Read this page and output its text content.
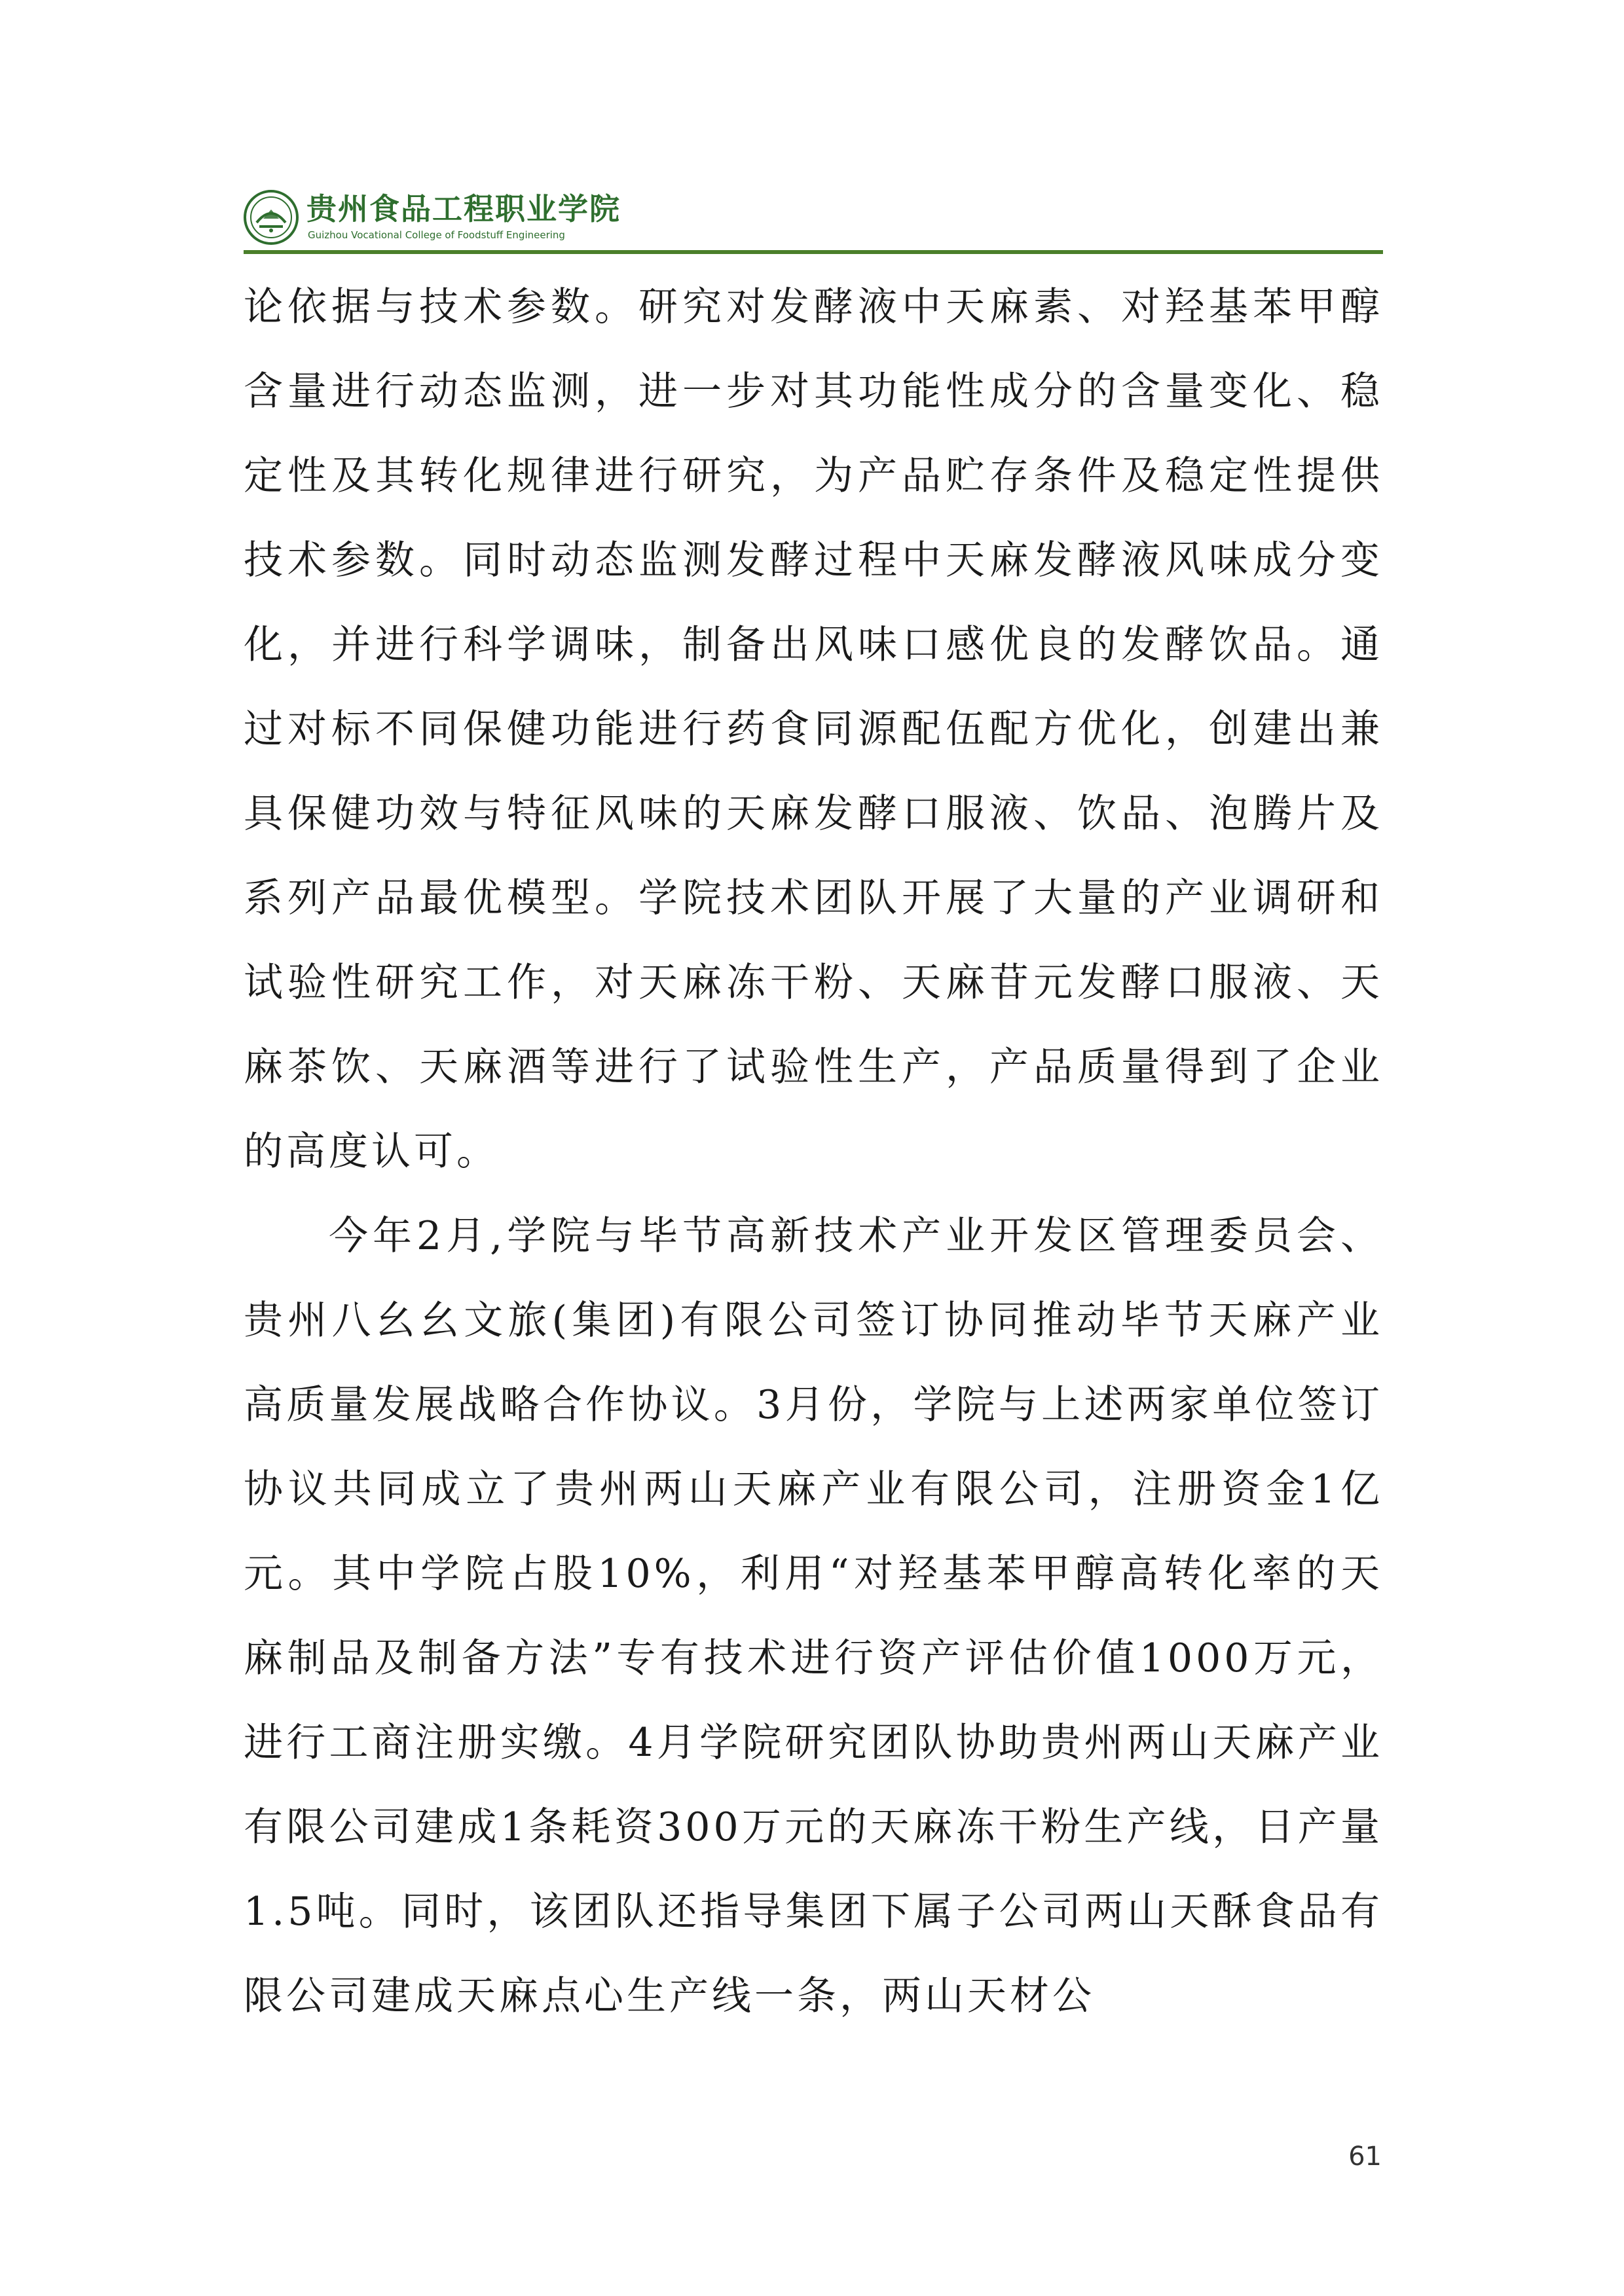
贵州食品工程职业学院
Guizhou Vocational College of Foodstuff Engineering

论依据与技术参数。研究对发酵液中天麻素、对羟基苯甲醇含量进行动态监测，进一步对其功能性成分的含量变化、稳定性及其转化规律进行研究，为产品贮存条件及稳定性提供技术参数。同时动态监测发酵过程中天麻发酵液风味成分变化，并进行科学调味，制备出风味口感优良的发酵饮品。通过对标不同保健功能进行药食同源配伍配方优化，创建出兼具保健功效与特征风味的天麻发酵口服液、饮品、泡腾片及系列产品最优模型。学院技术团队开展了大量的产业调研和试验性研究工作，对天麻冻干粉、天麻苷元发酵口服液、天麻茶饮、天麻酒等进行了试验性生产，产品质量得到了企业的高度认可。

今年2月,学院与毕节高新技术产业开发区管理委员会、贵州八幺幺文旅(集团)有限公司签订协同推动毕节天麻产业高质量发展战略合作协议。3月份，学院与上述两家单位签订协议共同成立了贵州两山天麻产业有限公司，注册资金1亿元。其中学院占股10%，利用“对羟基苯甲醇高转化率的天麻制品及制备方法”专有技术进行资产评估价值1000万元，进行工商注册实缴。4月学院研究团队协助贵州两山天麻产业有限公司建成1条耗资300万元的天麻冻干粉生产线，日产量1.5吨。同时，该团队还指导集团下属子公司两山天酥食品有限公司建成天麻点心生产线一条，两山天材公

61
